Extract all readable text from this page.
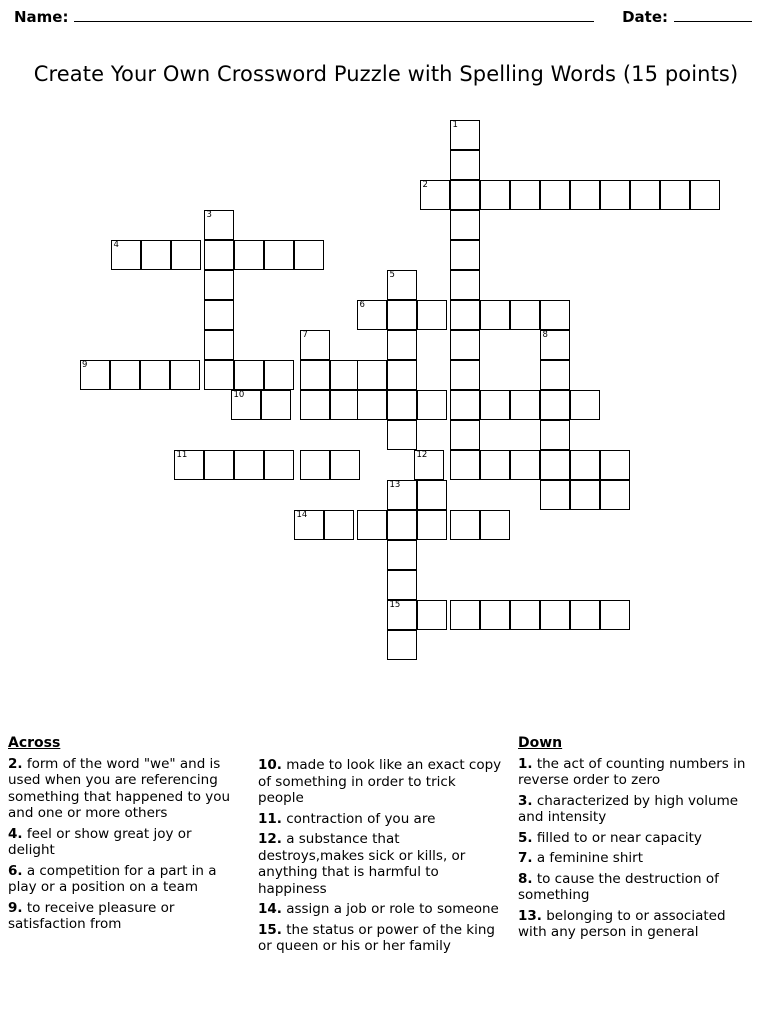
Name:	Date:
Create Your Own Crossword Puzzle with Spelling Words (15 points)
1
2
3
4
5
6
7	8
9
10
11	12
13
14
15
Across

2. form of the word "we" and is used when you are referencing something that happened to you and one or more others

4. feel or show great joy or delight

6. a competition for a part in a play or a position on a team

9. to receive pleasure or satisfaction from

10. made to look like an exact copy of something in order to trick people

11. contraction of you are

12. a substance that destroys,makes sick or kills, or anything that is harmful to happiness

14. assign a job or role to someone

15. the status or power of the king or queen or his or her family

Down

1. the act of counting numbers in reverse order to zero

3. characterized by high volume and intensity

5. filled to or near capacity

7. a feminine shirt

8. to cause the destruction of something

13. belonging to or associated with any person in general
